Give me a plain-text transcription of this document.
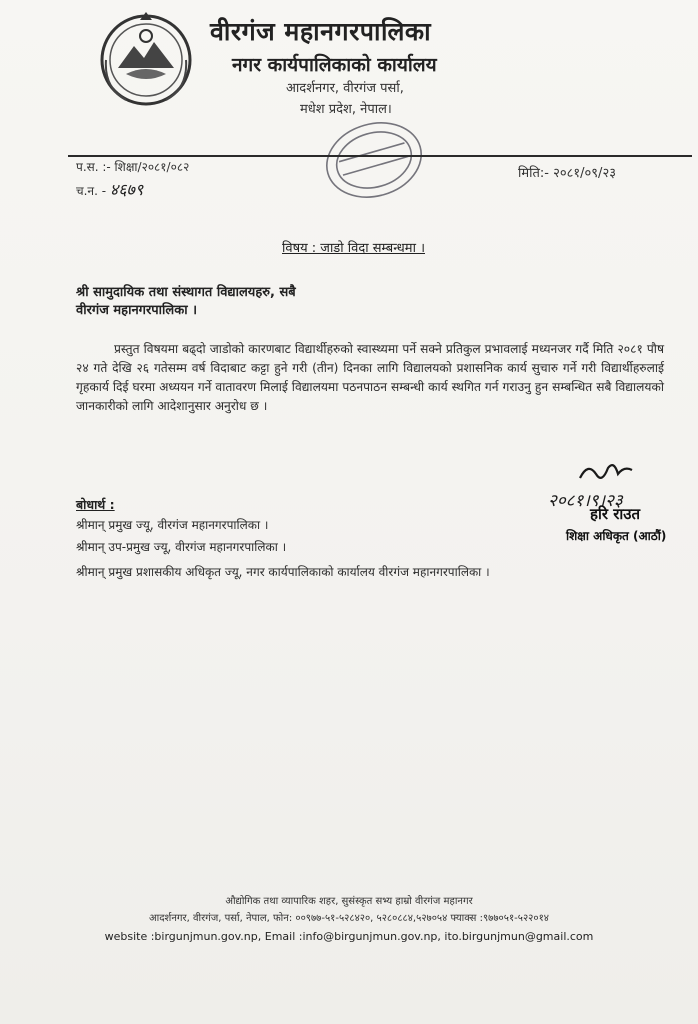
वीरगंज महानगरपालिका
नगर कार्यपालिकाको कार्यालय
आदर्शनगर, वीरगंज पर्सा,
मधेश प्रदेश, नेपाल।
प.स. :- शिक्षा/२०८१/०८२
च.न. - ४६७९
मिति:- २०८१/०९/२३
विषय : जाडो विदा सम्बन्धमा ।
श्री सामुदायिक तथा संस्थागत विद्यालयहरु, सबै
वीरगंज महानगरपालिका ।
प्रस्तुत विषयमा बढ्दो जाडोको कारणबाट विद्यार्थीहरुको स्वास्थ्यमा पर्ने सक्ने प्रतिकुल प्रभावलाई मध्यनजर गर्दै मिति २०८१ पौष २४ गते देखि २६ गतेसम्म वर्ष विदाबाट कट्टा हुने गरी (तीन) दिनका लागि विद्यालयको प्रशासनिक कार्य सुचारु गर्ने गरी विद्यार्थीहरुलाई गृहकार्य दिई घरमा अध्ययन गर्ने वातावरण मिलाई विद्यालयमा पठनपाठन सम्बन्धी कार्य स्थगित गर्न गराउनु हुन सम्बन्धित सबै विद्यालयको जानकारीको लागि आदेशानुसार अनुरोध छ ।
बोधार्थ :
श्रीमान् प्रमुख ज्यू, वीरगंज महानगरपालिका ।
श्रीमान् उप-प्रमुख ज्यू, वीरगंज महानगरपालिका ।
श्रीमान् प्रमुख प्रशासकीय अधिकृत ज्यू, नगर कार्यपालिकाको कार्यालय वीरगंज महानगरपालिका ।
२०८१।९।२३
हरि राउत
शिक्षा अधिकृत (आठौं)
औद्योगिक तथा व्यापारिक शहर, सुसंस्कृत सभ्य हाम्रो वीरगंज महानगर
आदर्शनगर, वीरगंज, पर्सा, नेपाल, फोन: ००९७७-५१-५२८४२०, ५२८०८८४,५२७०५४ फ्याक्स :९७७०५१-५२२०१४
website :birgunjmun.gov.np, Email :info@birgunjmun.gov.np, ito.birgunjmun@gmail.com
